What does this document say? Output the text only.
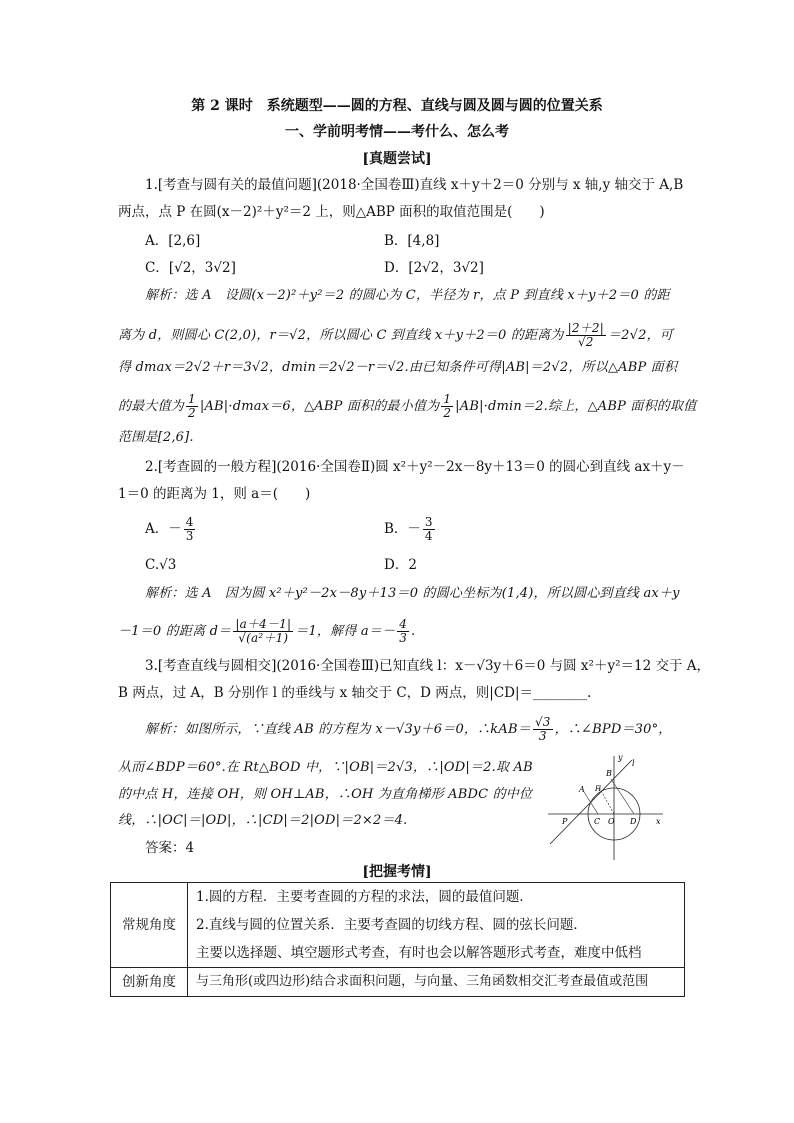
第 2 课时　系统题型——圆的方程、直线与圆及圆与圆的位置关系
一、学前明考情——考什么、怎么考
[真题尝试]
1.[考查与圆有关的最值问题](2018·全国卷Ⅲ)直线 x＋y＋2＝0 分别与 x 轴,y 轴交于 A,B
两点，点 P 在圆(x－2)²＋y²＝2 上，则△ABP 面积的取值范围是(　　)
A．[2,6]	B．[4,8]
C．[√2，3√2]	D．[2√2，3√2]
解析：选 A　设圆(x－2)²＋y²＝2 的圆心为 C，半径为 r，点 P 到直线 x＋y＋2＝0 的距
离为 d，则圆心 C(2,0)，r＝√2，所以圆心 C 到直线 x＋y＋2＝0 的距离为 $\frac{|2+2|}{√2} =2√2$，可
得 dmax＝2√2＋r＝3√2，dmin＝2√2－r＝√2.由已知条件可得|AB|＝2√2，所以△ABP 面积
的最大值为 $\frac{1}{2} |AB|\cdot dmax=6$，△ABP 面积的最小值为 $\frac{1}{2} |AB|\cdot dmin=2$.综上，△ABP 面积的取值
范围是[2,6].
2.[考查圆的一般方程](2016·全国卷Ⅱ)圆 x²＋y²－2x－8y＋13＝0 的圆心到直线 ax＋y－
1＝0 的距离为 1，则 a＝(　　)
A．－ $\frac{4}{3}$	B．－ $\frac{3}{4}$
C.√3	D．2
解析：选 A　因为圆 x²＋y²－2x－8y＋13＝0 的圆心坐标为(1,4)，所以圆心到直线 ax＋y
－1＝0 的距离 $d= \frac{|a+4-1|}{\text{√(a²＋1)}} =1$，解得 $a=- \frac{4}{3}$ .
3.[考查直线与圆相交](2016·全国卷Ⅲ)已知直线 l：x－√3y＋6＝0 与圆 x²＋y²＝12 交于 A，
B 两点，过 A，B 分别作 l 的垂线与 x 轴交于 C，D 两点，则|CD|＝________.
解析：如图所示，∵直线 AB 的方程为 x－√3y＋6＝0，∴kAB＝ $\frac{√3}{3}$ ，∴∠BPD＝30°，
从而∠BDP＝60°.在 Rt△BOD 中，∵|OB|＝2√3，∴|OD|＝2.取 AB
的中点 H，连接 OH，则 OH⊥AB，∴OH 为直角梯形 ABDC 的中位
线，∴|OC|＝|OD|，∴|CD|＝2|OD|＝2×2＝4.
答案：4
y
l
B
A H
P	C O D x
[把握考情]
常规角度	1.圆的方程．主要考查圆的方程的求法，圆的最值问题．
2.直线与圆的位置关系．主要考查圆的切线方程、圆的弦长问题．
主要以选择题、填空题形式考查，有时也会以解答题形式考查，难度中低档

创新角度	与三角形(或四边形)结合求面积问题，与向量、三角函数相交汇考查最值或范围
